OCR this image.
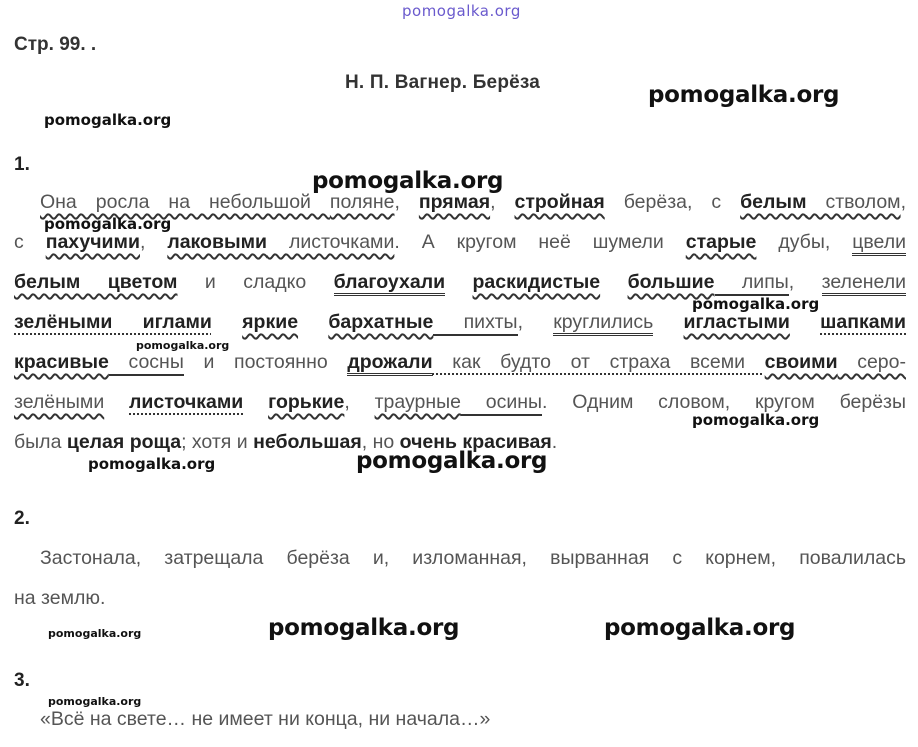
pomogalka.org
Стр. 99. .
Н. П. Вагнер. Берёза	pomogalka.org
pomogalka.org
1.
Она росла на небольшой поляне, прямая, стройная берёза, с белым стволом,
с пахучими, лаковыми листочками. А кругом неё шумели старые дубы, цвели
белым цветом и сладко благоухали раскидистые большие липы, зеленели
зелёными иглами яркие бархатные пихты, круглились игластыми шапками
красивые сосны и постоянно дрожали как будто от страха всеми своими серо-
зелёными листочками горькие, траурные осины. Одним словом, кругом берёзы
была целая роща; хотя и небольшая, но очень красивая.
pomogalka.org
pomogalka.org
pomogalka.org
pomogalka.org
pomogalka.org
pomogalka.org	pomogalka.org
2.
Застонала, затрещала берёза и, изломанная, вырванная с корнем, повалилась
на землю.
pomogalka.org	pomogalka.org	pomogalka.org
3.
pomogalka.org
«Всё на свете… не имеет ни конца, ни начала…»
